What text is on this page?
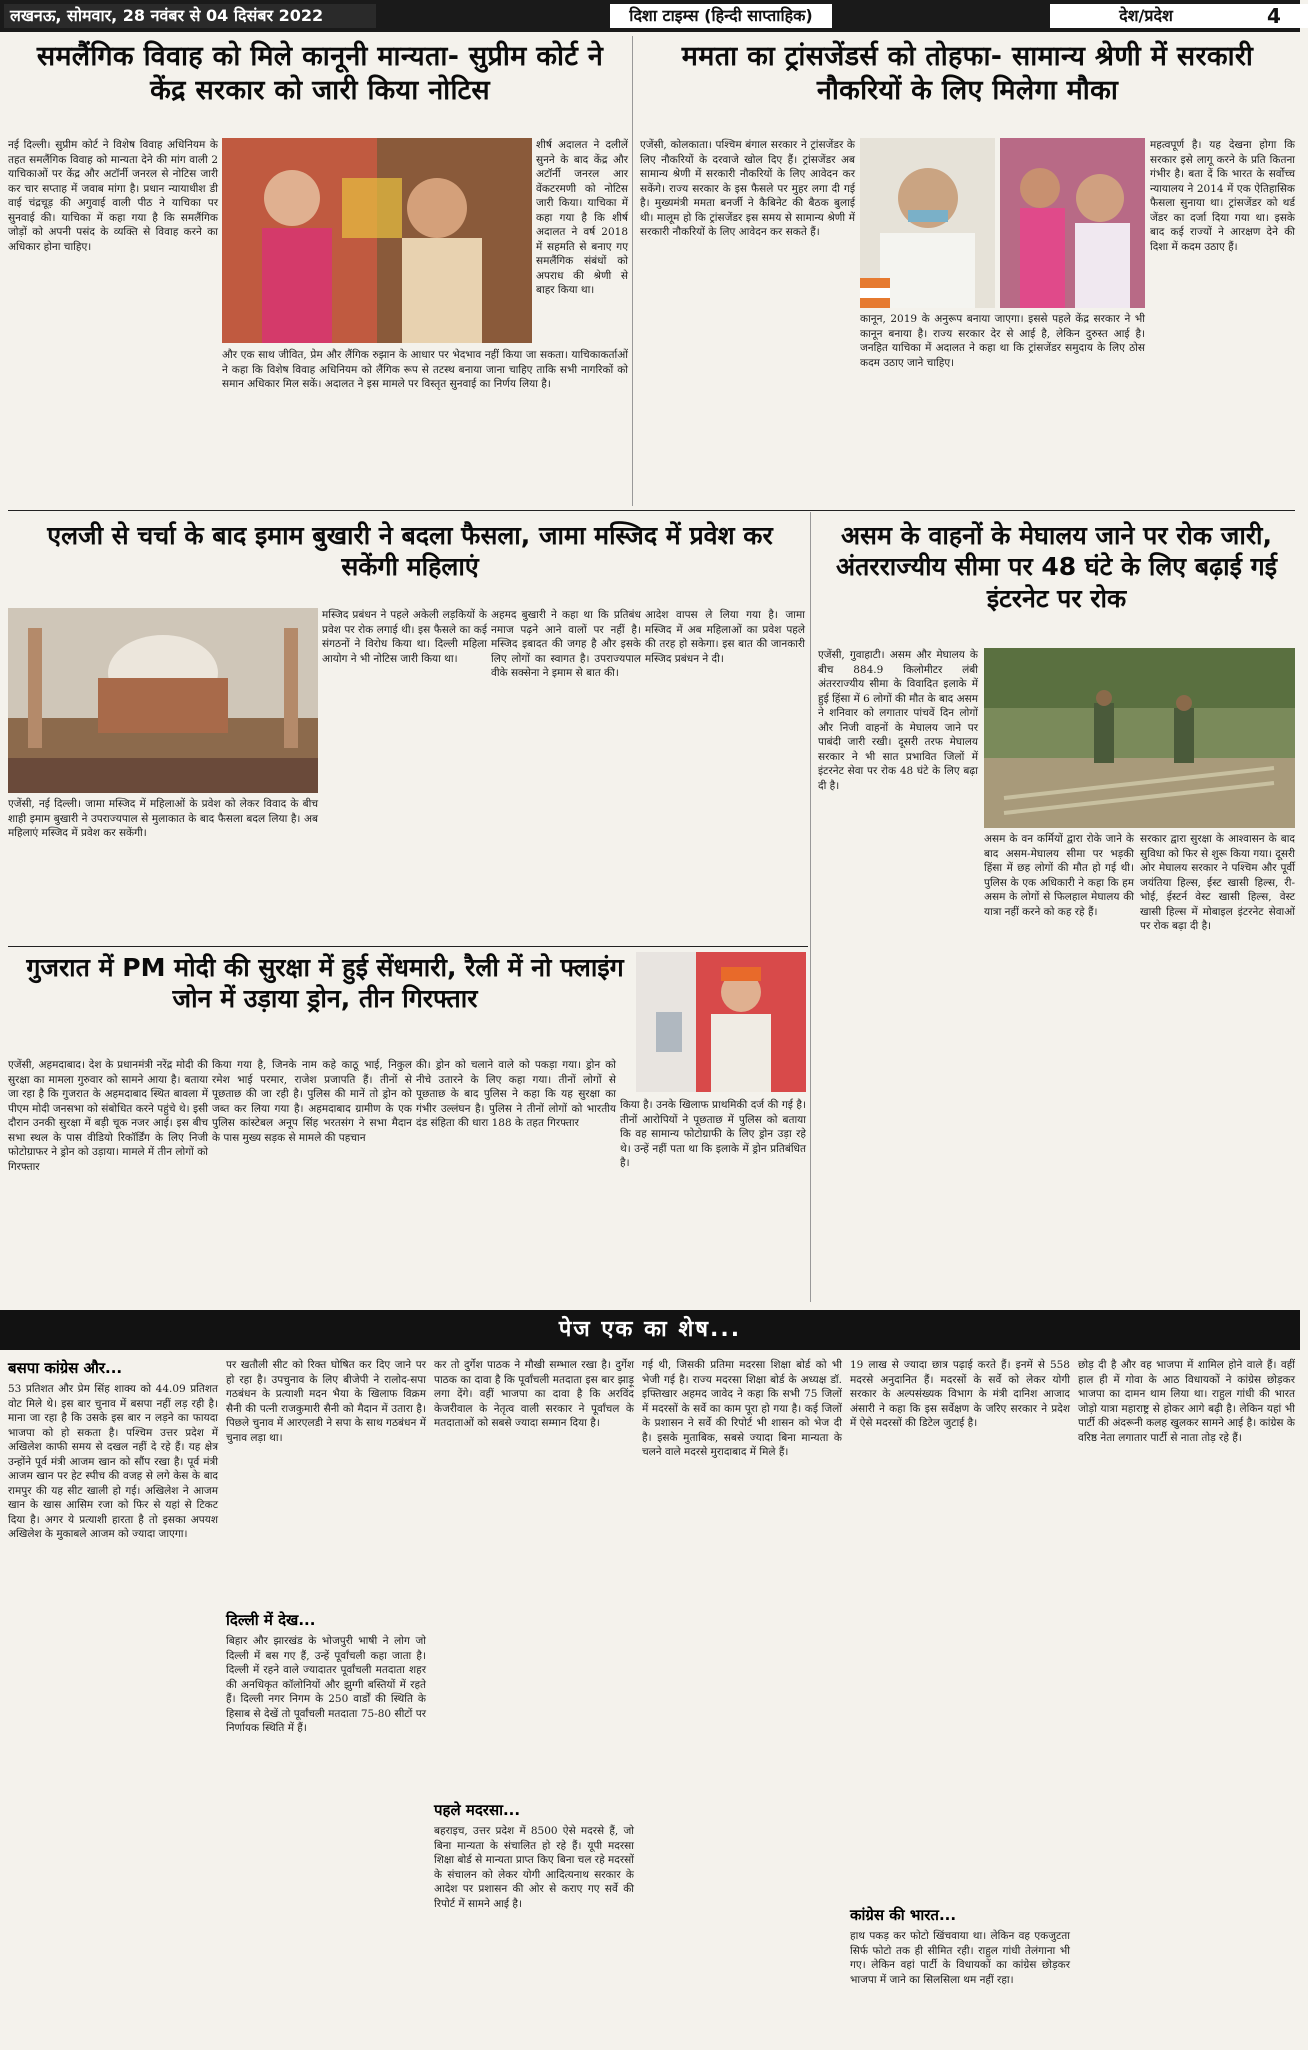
लखनऊ, सोमवार, 28 नवंबर से 04 दिसंबर 2022	दिशा टाइम्स (हिन्दी साप्ताहिक)	देश/प्रदेश	4
समलैंगिक विवाह को मिले कानूनी मान्यता- सुप्रीम कोर्ट ने केंद्र सरकार को जारी किया नोटिस
नई दिल्ली। सुप्रीम कोर्ट ने विशेष विवाह अधिनियम के तहत समलैंगिक विवाह को मान्यता देने की मांग वाली 2 याचिकाओं पर केंद्र और अटॉर्नी जनरल से नोटिस जारी कर चार सप्ताह में जवाब मांगा है। प्रधान न्यायाधीश डी वाई चंद्रचूड़ की अगुवाई वाली पीठ ने याचिका पर सुनवाई की। याचिका में कहा गया है कि समलैंगिक जोड़ों को अपनी पसंद के व्यक्ति से विवाह करने का अधिकार होना चाहिए।
शीर्ष अदालत ने दलीलें सुनने के बाद केंद्र और अटॉर्नी जनरल आर वेंकटरमणी को नोटिस जारी किया। याचिका में कहा गया है कि शीर्ष अदालत ने वर्ष 2018 में सहमति से बनाए गए समलैंगिक संबंधों को अपराध की श्रेणी से बाहर किया था।
और एक साथ जीवित, प्रेम और लैंगिक रुझान के आधार पर भेदभाव नहीं किया जा सकता। याचिकाकर्ताओं ने कहा कि विशेष विवाह अधिनियम को लैंगिक रूप से तटस्थ बनाया जाना चाहिए ताकि सभी नागरिकों को समान अधिकार मिल सकें। अदालत ने इस मामले पर विस्तृत सुनवाई का निर्णय लिया है।
ममता का ट्रांसजेंडर्स को तोहफा- सामान्य श्रेणी में सरकारी नौकरियों के लिए मिलेगा मौका
एजेंसी, कोलकाता। पश्चिम बंगाल सरकार ने ट्रांसजेंडर के लिए नौकरियों के दरवाजे खोल दिए हैं। ट्रांसजेंडर अब सामान्य श्रेणी में सरकारी नौकरियों के लिए आवेदन कर सकेंगे। राज्य सरकार के इस फैसले पर मुहर लगा दी गई है। मुख्यमंत्री ममता बनर्जी ने कैबिनेट की बैठक बुलाई थी। मालूम हो कि ट्रांसजेंडर इस समय से सामान्य श्रेणी में सरकारी नौकरियों के लिए आवेदन कर सकते हैं।
कानून, 2019 के अनुरूप बनाया जाएगा। इससे पहले केंद्र सरकार ने भी कानून बनाया है। राज्य सरकार देर से आई है, लेकिन दुरुस्त आई है। जनहित याचिका में अदालत ने कहा था कि ट्रांसजेंडर समुदाय के लिए ठोस कदम उठाए जाने चाहिए।
महत्वपूर्ण है। यह देखना होगा कि सरकार इसे लागू करने के प्रति कितना गंभीर है। बता दें कि भारत के सर्वोच्च न्यायालय ने 2014 में एक ऐतिहासिक फैसला सुनाया था। ट्रांसजेंडर को थर्ड जेंडर का दर्जा दिया गया था। इसके बाद कई राज्यों ने आरक्षण देने की दिशा में कदम उठाए हैं।
एलजी से चर्चा के बाद इमाम बुखारी ने बदला फैसला, जामा मस्जिद में प्रवेश कर सकेंगी महिलाएं
एजेंसी, नई दिल्ली। जामा मस्जिद में महिलाओं के प्रवेश को लेकर विवाद के बीच शाही इमाम बुखारी ने उपराज्यपाल से मुलाकात के बाद फैसला बदल लिया है। अब महिलाएं मस्जिद में प्रवेश कर सकेंगी।
मस्जिद प्रबंधन ने पहले अकेली लड़कियों के प्रवेश पर रोक लगाई थी। इस फैसले का कई संगठनों ने विरोध किया था। दिल्ली महिला आयोग ने भी नोटिस जारी किया था।
अहमद बुखारी ने कहा था कि प्रतिबंध नमाज पढ़ने आने वालों पर नहीं है। मस्जिद इबादत की जगह है और इसके लिए लोगों का स्वागत है। उपराज्यपाल वीके सक्सेना ने इमाम से बात की।
आदेश वापस ले लिया गया है। जामा मस्जिद में अब महिलाओं का प्रवेश पहले की तरह हो सकेगा। इस बात की जानकारी मस्जिद प्रबंधन ने दी।
असम के वाहनों के मेघालय जाने पर रोक जारी, अंतरराज्यीय सीमा पर 48 घंटे के लिए बढ़ाई गई इंटरनेट पर रोक
एजेंसी, गुवाहाटी। असम और मेघालय के बीच 884.9 किलोमीटर लंबी अंतरराज्यीय सीमा के विवादित इलाके में हुई हिंसा में 6 लोगों की मौत के बाद असम ने शनिवार को लगातार पांचवें दिन लोगों और निजी वाहनों के मेघालय जाने पर पाबंदी जारी रखी। दूसरी तरफ मेघालय सरकार ने भी सात प्रभावित जिलों में इंटरनेट सेवा पर रोक 48 घंटे के लिए बढ़ा दी है।
असम के वन कर्मियों द्वारा रोके जाने के बाद असम-मेघालय सीमा पर भड़की हिंसा में छह लोगों की मौत हो गई थी। पुलिस के एक अधिकारी ने कहा कि हम असम के लोगों से फिलहाल मेघालय की यात्रा नहीं करने को कह रहे हैं।
सरकार द्वारा सुरक्षा के आश्वासन के बाद सुविधा को फिर से शुरू किया गया। दूसरी ओर मेघालय सरकार ने पश्चिम और पूर्वी जयंतिया हिल्स, ईस्ट खासी हिल्स, री-भोई, ईस्टर्न वेस्ट खासी हिल्स, वेस्ट खासी हिल्स में मोबाइल इंटरनेट सेवाओं पर रोक बढ़ा दी है।
गुजरात में PM मोदी की सुरक्षा में हुई सेंधमारी, रैली में नो फ्लाइंग जोन में उड़ाया ड्रोन, तीन गिरफ्तार
एजेंसी, अहमदाबाद। देश के प्रधानमंत्री नरेंद्र मोदी की सुरक्षा का मामला गुरुवार को सामने आया है। बताया जा रहा है कि गुजरात के अहमदाबाद स्थित बावला में पीएम मोदी जनसभा को संबोधित करने पहुंचे थे। इसी दौरान उनकी सुरक्षा में बड़ी चूक नजर आई। इस बीच सभा स्थल के पास वीडियो रिकॉर्डिंग के लिए निजी फोटोग्राफर ने ड्रोन को उड़ाया। मामले में तीन लोगों को गिरफ्तार
किया गया है, जिनके नाम कहे काठू भाई, निकुल रमेश भाई परमार, राजेश प्रजापति हैं। तीनों से पूछताछ की जा रही है। पुलिस की मानें तो ड्रोन को जब्त कर लिया गया है। अहमदाबाद ग्रामीण के एक पुलिस कांस्टेबल अनूप सिंह भरतसंग ने सभा मैदान के पास मुख्य सड़क से मामले की पहचान
की। ड्रोन को चलाने वाले को पकड़ा गया। ड्रोन को नीचे उतारने के लिए कहा गया। तीनों लोगों से पूछताछ के बाद पुलिस ने कहा कि यह सुरक्षा का गंभीर उल्लंघन है। पुलिस ने तीनों लोगों को भारतीय दंड संहिता की धारा 188 के तहत गिरफ्तार
किया है। उनके खिलाफ प्राथमिकी दर्ज की गई है। तीनों आरोपियों ने पूछताछ में पुलिस को बताया कि वह सामान्य फोटोग्राफी के लिए ड्रोन उड़ा रहे थे। उन्हें नहीं पता था कि इलाके में ड्रोन प्रतिबंधित है।
पेज एक का शेष...
बसपा कांग्रेस और...
53 प्रतिशत और प्रेम सिंह शाक्य को 44.09 प्रतिशत वोट मिले थे। इस बार चुनाव में बसपा नहीं लड़ रही है। माना जा रहा है कि उसके इस बार न लड़ने का फायदा भाजपा को हो सकता है। पश्चिम उत्तर प्रदेश में अखिलेश काफी समय से दखल नहीं दे रहे हैं। यह क्षेत्र उन्होंने पूर्व मंत्री आजम खान को सौंप रखा है। पूर्व मंत्री आजम खान पर हेट स्पीच की वजह से लगे केस के बाद रामपुर की यह सीट खाली हो गई। अखिलेश ने आजम खान के खास आसिम रजा को फिर से यहां से टिकट दिया है। अगर ये प्रत्याशी हारता है तो इसका अपयश अखिलेश के मुकाबले आजम को ज्यादा जाएगा।
पर खतौली सीट को रिक्त घोषित कर दिए जाने पर हो रहा है। उपचुनाव के लिए बीजेपी ने रालोद-सपा गठबंधन के प्रत्याशी मदन भैया के खिलाफ विक्रम सैनी की पत्नी राजकुमारी सैनी को मैदान में उतारा है। पिछले चुनाव में आरएलडी ने सपा के साथ गठबंधन में चुनाव लड़ा था।
दिल्ली में देख...
बिहार और झारखंड के भोजपुरी भाषी ने लोग जो दिल्ली में बस गए हैं, उन्हें पूर्वांचली कहा जाता है। दिल्ली में रहने वाले ज्यादातर पूर्वांचली मतदाता शहर की अनधिकृत कॉलोनियों और झुग्गी बस्तियों में रहते हैं। दिल्ली नगर निगम के 250 वार्डों की स्थिति के हिसाब से देखें तो पूर्वांचली मतदाता 75-80 सीटों पर निर्णायक स्थिति में हैं।
कर तो दुर्गेश पाठक ने मौखी सम्भाल रखा है। दुर्गेश पाठक का दावा है कि पूर्वांचली मतदाता इस बार झाड़ू लगा देंगे। वहीं भाजपा का दावा है कि अरविंद केजरीवाल के नेतृत्व वाली सरकार ने पूर्वांचल के मतदाताओं को सबसे ज्यादा सम्मान दिया है।
पहले मदरसा...
बहराइच, उत्तर प्रदेश में 8500 ऐसे मदरसे हैं, जो बिना मान्यता के संचालित हो रहे हैं। यूपी मदरसा शिक्षा बोर्ड से मान्यता प्राप्त किए बिना चल रहे मदरसों के संचालन को लेकर योगी आदित्यनाथ सरकार के आदेश पर प्रशासन की ओर से कराए गए सर्वे की रिपोर्ट में सामने आई है।
गई थी, जिसकी प्रतिमा मदरसा शिक्षा बोर्ड को भी भेजी गई है। राज्य मदरसा शिक्षा बोर्ड के अध्यक्ष डॉ. इफ्तिखार अहमद जावेद ने कहा कि सभी 75 जिलों में मदरसों के सर्वे का काम पूरा हो गया है। कई जिलों के प्रशासन ने सर्वे की रिपोर्ट भी शासन को भेज दी है। इसके मुताबिक, सबसे ज्यादा बिना मान्यता के चलने वाले मदरसे मुरादाबाद में मिले हैं।
19 लाख से ज्यादा छात्र पढ़ाई करते हैं। इनमें से 558 मदरसे अनुदानित हैं। मदरसों के सर्वे को लेकर योगी सरकार के अल्पसंख्यक विभाग के मंत्री दानिश आजाद अंसारी ने कहा कि इस सर्वेक्षण के जरिए सरकार ने प्रदेश में ऐसे मदरसों की डिटेल जुटाई है।
कांग्रेस की भारत...
हाथ पकड़ कर फोटो खिंचवाया था। लेकिन वह एकजुटता सिर्फ फोटो तक ही सीमित रही। राहुल गांधी तेलंगाना भी गए। लेकिन वहां पार्टी के विधायकों का कांग्रेस छोड़कर भाजपा में जाने का सिलसिला थम नहीं रहा।
छोड़ दी है और वह भाजपा में शामिल होने वाले हैं। वहीं हाल ही में गोवा के आठ विधायकों ने कांग्रेस छोड़कर भाजपा का दामन थाम लिया था। राहुल गांधी की भारत जोड़ो यात्रा महाराष्ट्र से होकर आगे बढ़ी है। लेकिन यहां भी पार्टी की अंदरूनी कलह खुलकर सामने आई है। कांग्रेस के वरिष्ठ नेता लगातार पार्टी से नाता तोड़ रहे हैं।
